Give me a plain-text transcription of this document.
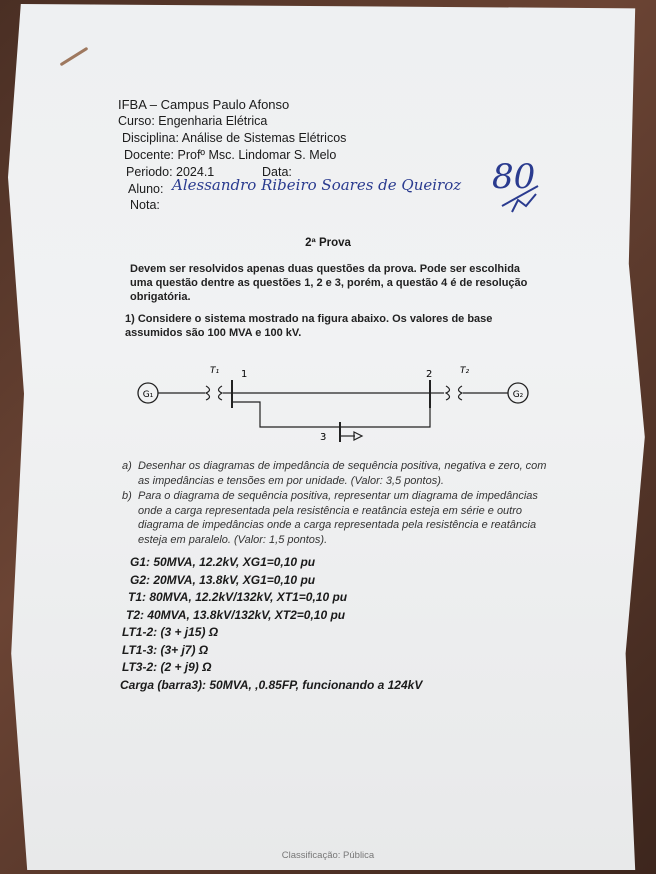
IFBA – Campus Paulo Afonso
Curso: Engenharia Elétrica
Disciplina: Análise de Sistemas Elétricos
Docente: Profº Msc. Lindomar S. Melo
Periodo: 2024.1	Data:
Aluno: Alessandro Ribeiro Soares de Queiroz
Nota:
80
2ª Prova
Devem ser resolvidos apenas duas questões da prova. Pode ser escolhida uma questão dentre as questões 1, 2 e 3, porém, a questão 4 é de resolução obrigatória.
1) Considere o sistema mostrado na figura abaixo. Os valores de base assumidos são 100 MVA e 100 kV.
G₁
T₁ 1	2
3
T₂
G₂

a) Desenhar os diagramas de impedância de sequência positiva, negativa e zero, com as impedâncias e tensões em por unidade. (Valor: 3,5 pontos).

b) Para o diagrama de sequência positiva, representar um diagrama de impedâncias onde a carga representada pela resistência e reatância esteja em série e outro diagrama de impedâncias onde a carga representada pela resistência e reatância esteja em paralelo. (Valor: 1,5 pontos).

G1: 50MVA, 12.2kV, XG1=0,10 pu
G2: 20MVA, 13.8kV, XG1=0,10 pu
T1: 80MVA, 12.2kV/132kV, XT1=0,10 pu
T2: 40MVA, 13.8kV/132kV, XT2=0,10 pu
LT1-2: (3 + j15) Ω
LT1-3: (3+ j7) Ω
LT3-2: (2 + j9) Ω
Carga (barra3): 50MVA, ,0.85FP, funcionando a 124kV
Classificação: Pública
